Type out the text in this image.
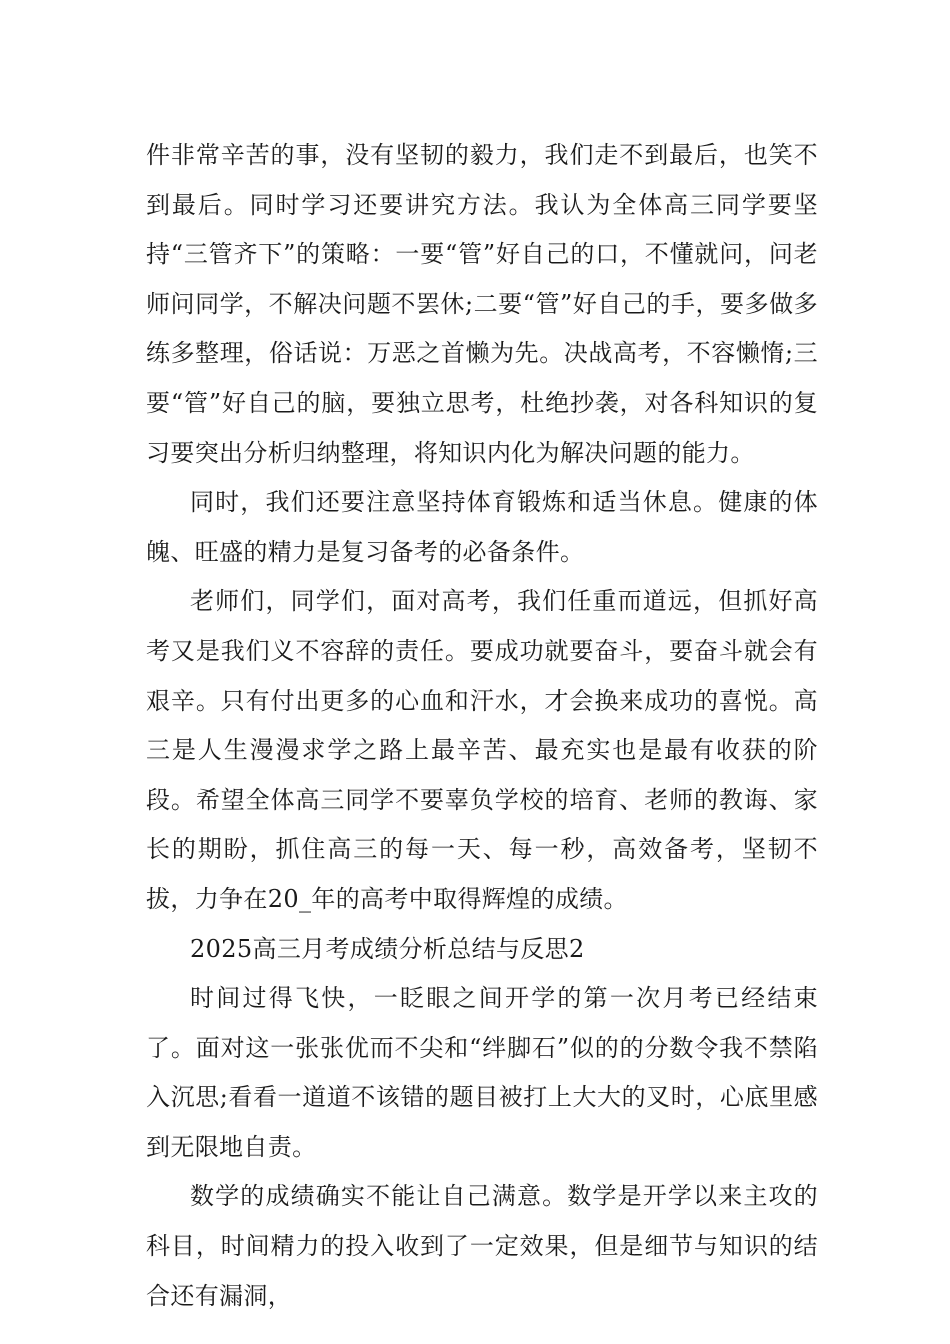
件非常辛苦的事，没有坚韧的毅力，我们走不到最后，也笑不到最后。同时学习还要讲究方法。我认为全体高三同学要坚持“三管齐下”的策略：一要“管”好自己的口，不懂就问，问老师问同学，不解决问题不罢休;二要“管”好自己的手，要多做多练多整理，俗话说：万恶之首懒为先。决战高考，不容懒惰;三要“管”好自己的脑，要独立思考，杜绝抄袭，对各科知识的复习要突出分析归纳整理，将知识内化为解决问题的能力。

同时，我们还要注意坚持体育锻炼和适当休息。健康的体魄、旺盛的精力是复习备考的必备条件。

老师们，同学们，面对高考，我们任重而道远，但抓好高考又是我们义不容辞的责任。要成功就要奋斗，要奋斗就会有艰辛。只有付出更多的心血和汗水，才会换来成功的喜悦。高三是人生漫漫求学之路上最辛苦、最充实也是最有收获的阶段。希望全体高三同学不要辜负学校的培育、老师的教诲、家长的期盼，抓住高三的每一天、每一秒，高效备考，坚韧不拔，力争在20_年的高考中取得辉煌的成绩。

2025高三月考成绩分析总结与反思2

时间过得飞快，一眨眼之间开学的第一次月考已经结束了。面对这一张张优而不尖和“绊脚石”似的的分数令我不禁陷入沉思;看看一道道不该错的题目被打上大大的叉时，心底里感到无限地自责。

数学的成绩确实不能让自己满意。数学是开学以来主攻的科目，时间精力的投入收到了一定效果，但是细节与知识的结合还有漏洞，
